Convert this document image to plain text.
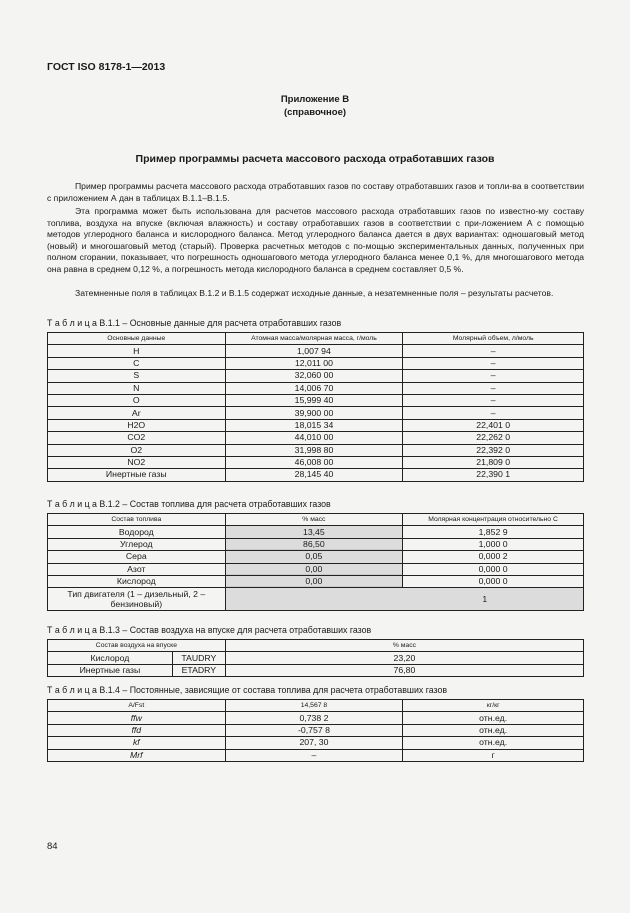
ГОСТ ISO 8178-1—2013
Приложение В
(справочное)
Пример программы расчета массового расхода отработавших газов

Пример программы расчета массового расхода отработавших газов по составу отработавших газов и топли-ва в соответствии с приложением А дан в таблицах В.1.1–В.1.5.

Эта программа может быть использована для расчетов массового расхода отработавших газов по известно-му составу топлива, воздуха на впуске (включая влажность) и составу отработавших газов в соответствии с при-ложением А с помощью методов углеродного баланса и кислородного баланса. Метод углеродного баланса дается в двух вариантах: одношаговый метод (новый) и многошаговый метод (старый). Проверка расчетных методов с по-мощью экспериментальных данных, полученных при полном сгорании, показывает, что погрешность одношагового метода углеродного баланса менее 0,1 %, для многошагового метода она равна в среднем 0,12 %, а погрешность метода кислородного баланса в среднем составляет 0,5 %.

Затемненные поля в таблицах В.1.2 и В.1.5 содержат исходные данные, а незатемненные поля – результаты расчетов.

Т а б л и ц а В.1.1 – Основные данные для расчета отработавших газов
Основные данные	Атомная масса/молярная масса, г/моль	Молярный объем, л/моль
H	1,007 94	–
C	12,011 00	–
S	32,060 00	–
N	14,006 70	–
O	15,999 40	–
Ar	39,900 00	–
H2O	18,015 34	22,401 0
CO2	44,010 00	22,262 0
O2	31,998 80	22,392 0
NO2	46,008 00	21,809 0
Инертные газы	28,145 40	22,390 1
Т а б л и ц а В.1.2 – Состав топлива для расчета отработавших газов
Состав топлива	% масс	Молярная концентрация относительно С
Водород	13,45	1,852 9
Углерод	86,50	1,000 0
Сера	0,05	0,000 2
Азот	0,00	0,000 0
Кислород	0,00	0,000 0
Тип двигателя (1 – дизельный, 2 – бензиновый)	1	
Т а б л и ц а В.1.3 – Состав воздуха на впуске для расчета отработавших газов
Состав воздуха на впуске		% масс
Кислород	TAUDRY	23,20
Инертные газы	ETADRY	76,80
Т а б л и ц а В.1.4 – Постоянные, зависящие от состава топлива для расчета отработавших газов
A/Fst	14,567 8	кг/кг
ffw	0,738 2	отн.ед.
ffd	-0,757 8	отн.ед.
kf	207, 30	отн.ед.
Mrf	–	г
84
